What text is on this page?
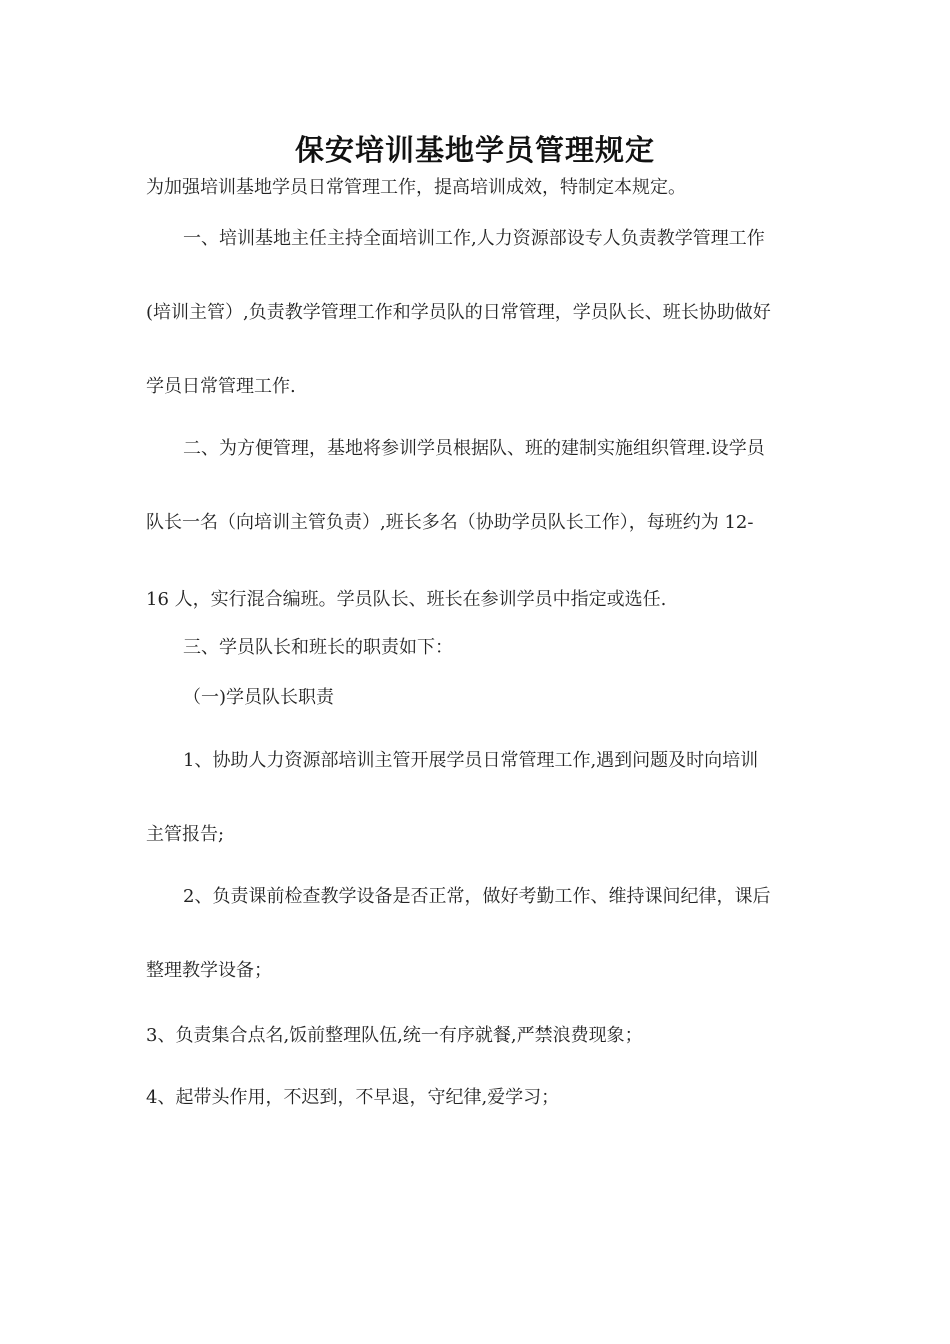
保安培训基地学员管理规定
为加强培训基地学员日常管理工作，提高培训成效，特制定本规定。
一、培训基地主任主持全面培训工作,人力资源部设专人负责教学管理工作
(培训主管）,负责教学管理工作和学员队的日常管理，学员队长、班长协助做好
学员日常管理工作.
二、为方便管理，基地将参训学员根据队、班的建制实施组织管理.设学员
队长一名（向培训主管负责）,班长多名（协助学员队长工作），每班约为 12-
16 人，实行混合编班。学员队长、班长在参训学员中指定或选任.
三、学员队长和班长的职责如下：
（一)学员队长职责
1、协助人力资源部培训主管开展学员日常管理工作,遇到问题及时向培训
主管报告;
2、负责课前检查教学设备是否正常，做好考勤工作、维持课间纪律，课后
整理教学设备；
3、负责集合点名,饭前整理队伍,统一有序就餐,严禁浪费现象；
4、起带头作用，不迟到，不早退，守纪律,爱学习；
